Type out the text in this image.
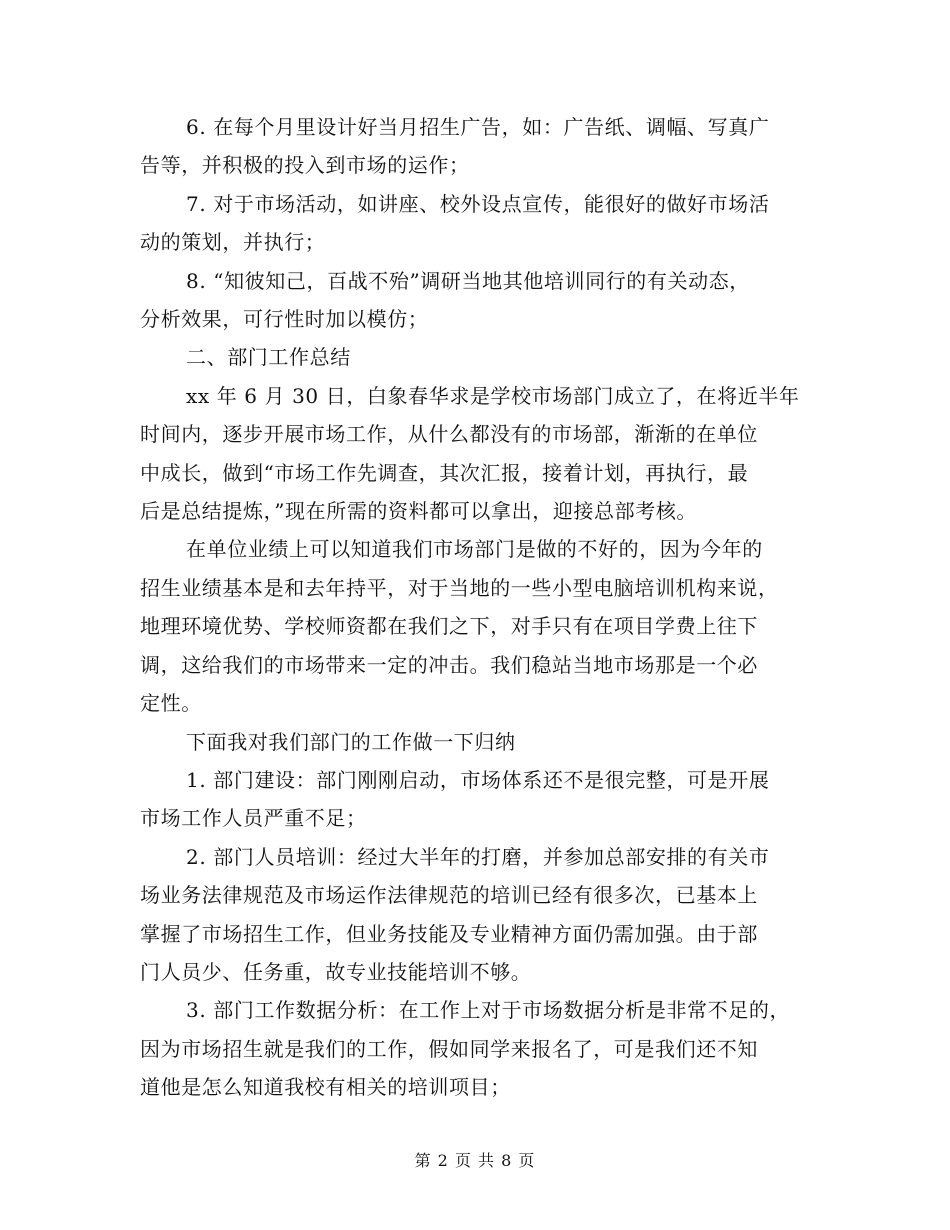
6. 在每个月里设计好当月招生广告，如：广告纸、调幅、写真广
告等，并积极的投入到市场的运作；
7. 对于市场活动，如讲座、校外设点宣传，能很好的做好市场活
动的策划，并执行；
8. “知彼知己，百战不殆”调研当地其他培训同行的有关动态，
分析效果，可行性时加以模仿；
二、部门工作总结
xx 年 6 月 30 日，白象春华求是学校市场部门成立了，在将近半年
时间内，逐步开展市场工作，从什么都没有的市场部，渐渐的在单位
中成长，做到“市场工作先调查，其次汇报，接着计划，再执行，最
后是总结提炼，”现在所需的资料都可以拿出，迎接总部考核。
在单位业绩上可以知道我们市场部门是做的不好的，因为今年的
招生业绩基本是和去年持平，对于当地的一些小型电脑培训机构来说，
地理环境优势、学校师资都在我们之下，对手只有在项目学费上往下
调，这给我们的市场带来一定的冲击。我们稳站当地市场那是一个必
定性。
下面我对我们部门的工作做一下归纳
1. 部门建设：部门刚刚启动，市场体系还不是很完整，可是开展
市场工作人员严重不足；
2. 部门人员培训：经过大半年的打磨，并参加总部安排的有关市
场业务法律规范及市场运作法律规范的培训已经有很多次，已基本上
掌握了市场招生工作，但业务技能及专业精神方面仍需加强。由于部
门人员少、任务重，故专业技能培训不够。
3. 部门工作数据分析：在工作上对于市场数据分析是非常不足的，
因为市场招生就是我们的工作，假如同学来报名了，可是我们还不知
道他是怎么知道我校有相关的培训项目；
第 2 页 共 8 页
